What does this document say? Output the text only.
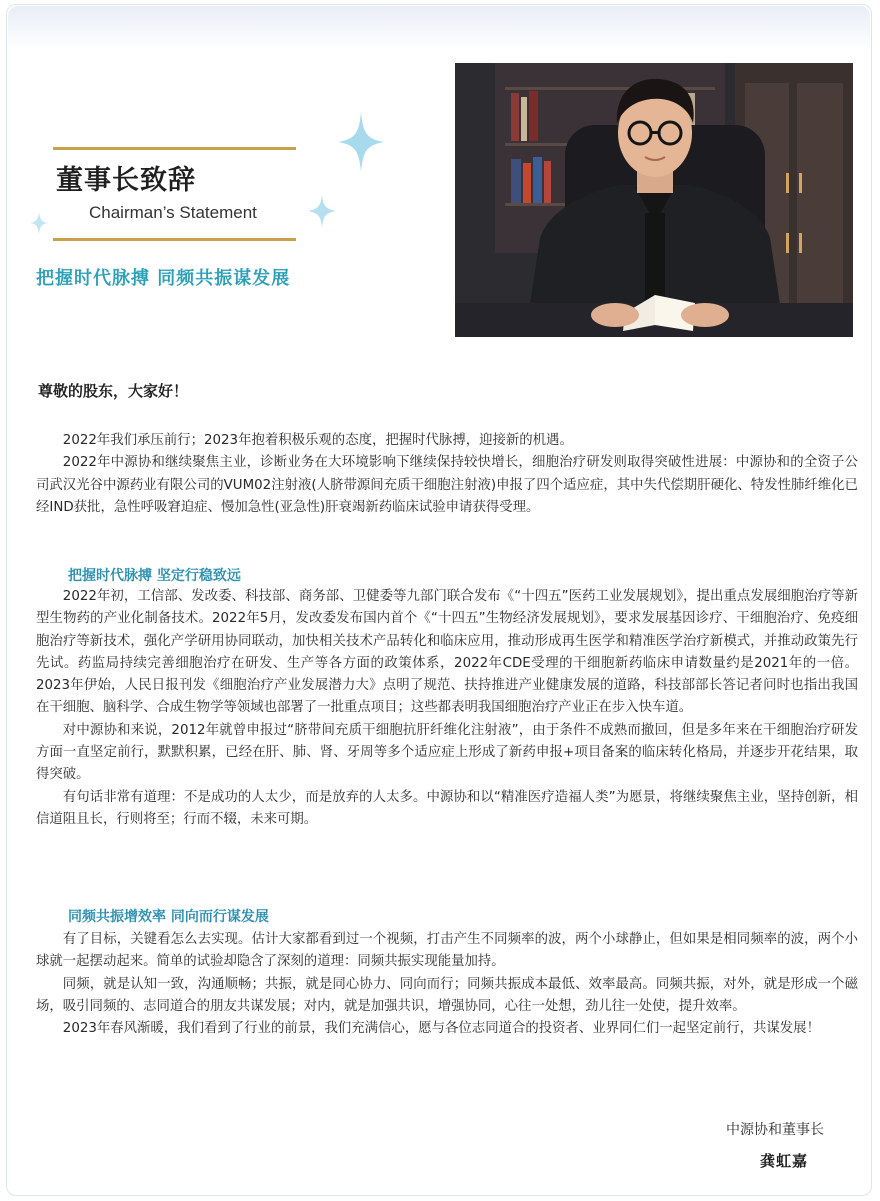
董事长致辞
Chairman’s Statement
把握时代脉搏 同频共振谋发展
尊敬的股东，大家好！

2022年我们承压前行；2023年抱着积极乐观的态度，把握时代脉搏，迎接新的机遇。

2022年中源协和继续聚焦主业，诊断业务在大环境影响下继续保持较快增长，细胞治疗研发则取得突破性进展：中源协和的全资子公司武汉光谷中源药业有限公司的VUM02注射液(人脐带源间充质干细胞注射液)申报了四个适应症，其中失代偿期肝硬化、特发性肺纤维化已经IND获批，急性呼吸窘迫症、慢加急性(亚急性)肝衰竭新药临床试验申请获得受理。

把握时代脉搏 坚定行稳致远

2022年初，工信部、发改委、科技部、商务部、卫健委等九部门联合发布《“十四五”医药工业发展规划》，提出重点发展细胞治疗等新型生物药的产业化制备技术。2022年5月，发改委发布国内首个《“十四五”生物经济发展规划》，要求发展基因诊疗、干细胞治疗、免疫细胞治疗等新技术，强化产学研用协同联动，加快相关技术产品转化和临床应用，推动形成再生医学和精准医学治疗新模式，并推动政策先行先试。药监局持续完善细胞治疗在研发、生产等各方面的政策体系，2022年CDE受理的干细胞新药临床申请数量约是2021年的一倍。2023年伊始，人民日报刊发《细胞治疗产业发展潜力大》点明了规范、扶持推进产业健康发展的道路，科技部部长答记者问时也指出我国在干细胞、脑科学、合成生物学等领域也部署了一批重点项目；这些都表明我国细胞治疗产业正在步入快车道。

对中源协和来说，2012年就曾申报过“脐带间充质干细胞抗肝纤维化注射液”，由于条件不成熟而撤回，但是多年来在干细胞治疗研发方面一直坚定前行，默默积累，已经在肝、肺、肾、牙周等多个适应症上形成了新药申报+项目备案的临床转化格局，并逐步开花结果，取得突破。

有句话非常有道理：不是成功的人太少，而是放弃的人太多。中源协和以“精准医疗造福人类”为愿景，将继续聚焦主业，坚持创新，相信道阻且长，行则将至；行而不辍，未来可期。

同频共振增效率 同向而行谋发展

有了目标，关键看怎么去实现。估计大家都看到过一个视频，打击产生不同频率的波，两个小球静止，但如果是相同频率的波，两个小球就一起摆动起来。简单的试验却隐含了深刻的道理：同频共振实现能量加持。

同频，就是认知一致，沟通顺畅；共振，就是同心协力、同向而行；同频共振成本最低、效率最高。同频共振，对外，就是形成一个磁场，吸引同频的、志同道合的朋友共谋发展；对内，就是加强共识，增强协同，心往一处想，劲儿往一处使，提升效率。

2023年春风渐暖，我们看到了行业的前景，我们充满信心，愿与各位志同道合的投资者、业界同仁们一起坚定前行，共谋发展！

中源协和董事长
龚虹嘉
